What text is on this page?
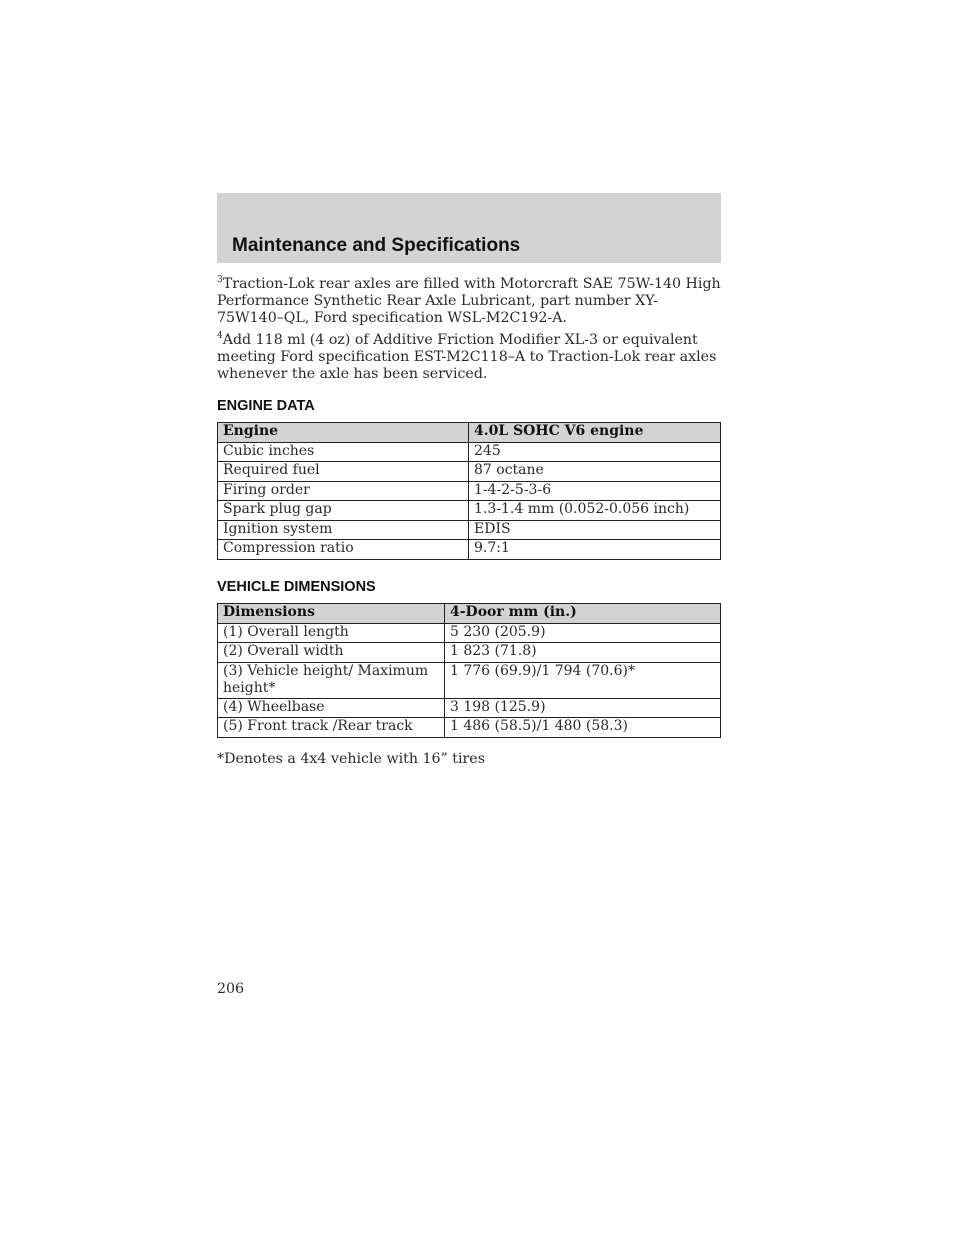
Maintenance and Specifications

$^3$Traction-Lok rear axles are filled with Motorcraft SAE 75W-140 High Performance Synthetic Rear Axle Lubricant, part number XY-75W140–QL, Ford specification WSL-M2C192-A.

$^4$Add 118 ml (4 oz) of Additive Friction Modifier XL-3 or equivalent meeting Ford specification EST-M2C118–A to Traction-Lok rear axles whenever the axle has been serviced.

ENGINE DATA
Engine	4.0L SOHC V6 engine
Cubic inches	245
Required fuel	87 octane
Firing order	1-4-2-5-3-6
Spark plug gap	1.3-1.4 mm (0.052-0.056 inch)
Ignition system	EDIS
Compression ratio	9.7:1
VEHICLE DIMENSIONS
Dimensions	4-Door mm (in.)
(1) Overall length	5 230 (205.9)
(2) Overall width	1 823 (71.8)
(3) Vehicle height/ Maximum height*	1 776 (69.9)/1 794 (70.6)*
(4) Wheelbase	3 198 (125.9)
(5) Front track /Rear track	1 486 (58.5)/1 480 (58.3)
*Denotes a 4x4 vehicle with 16” tires
206
